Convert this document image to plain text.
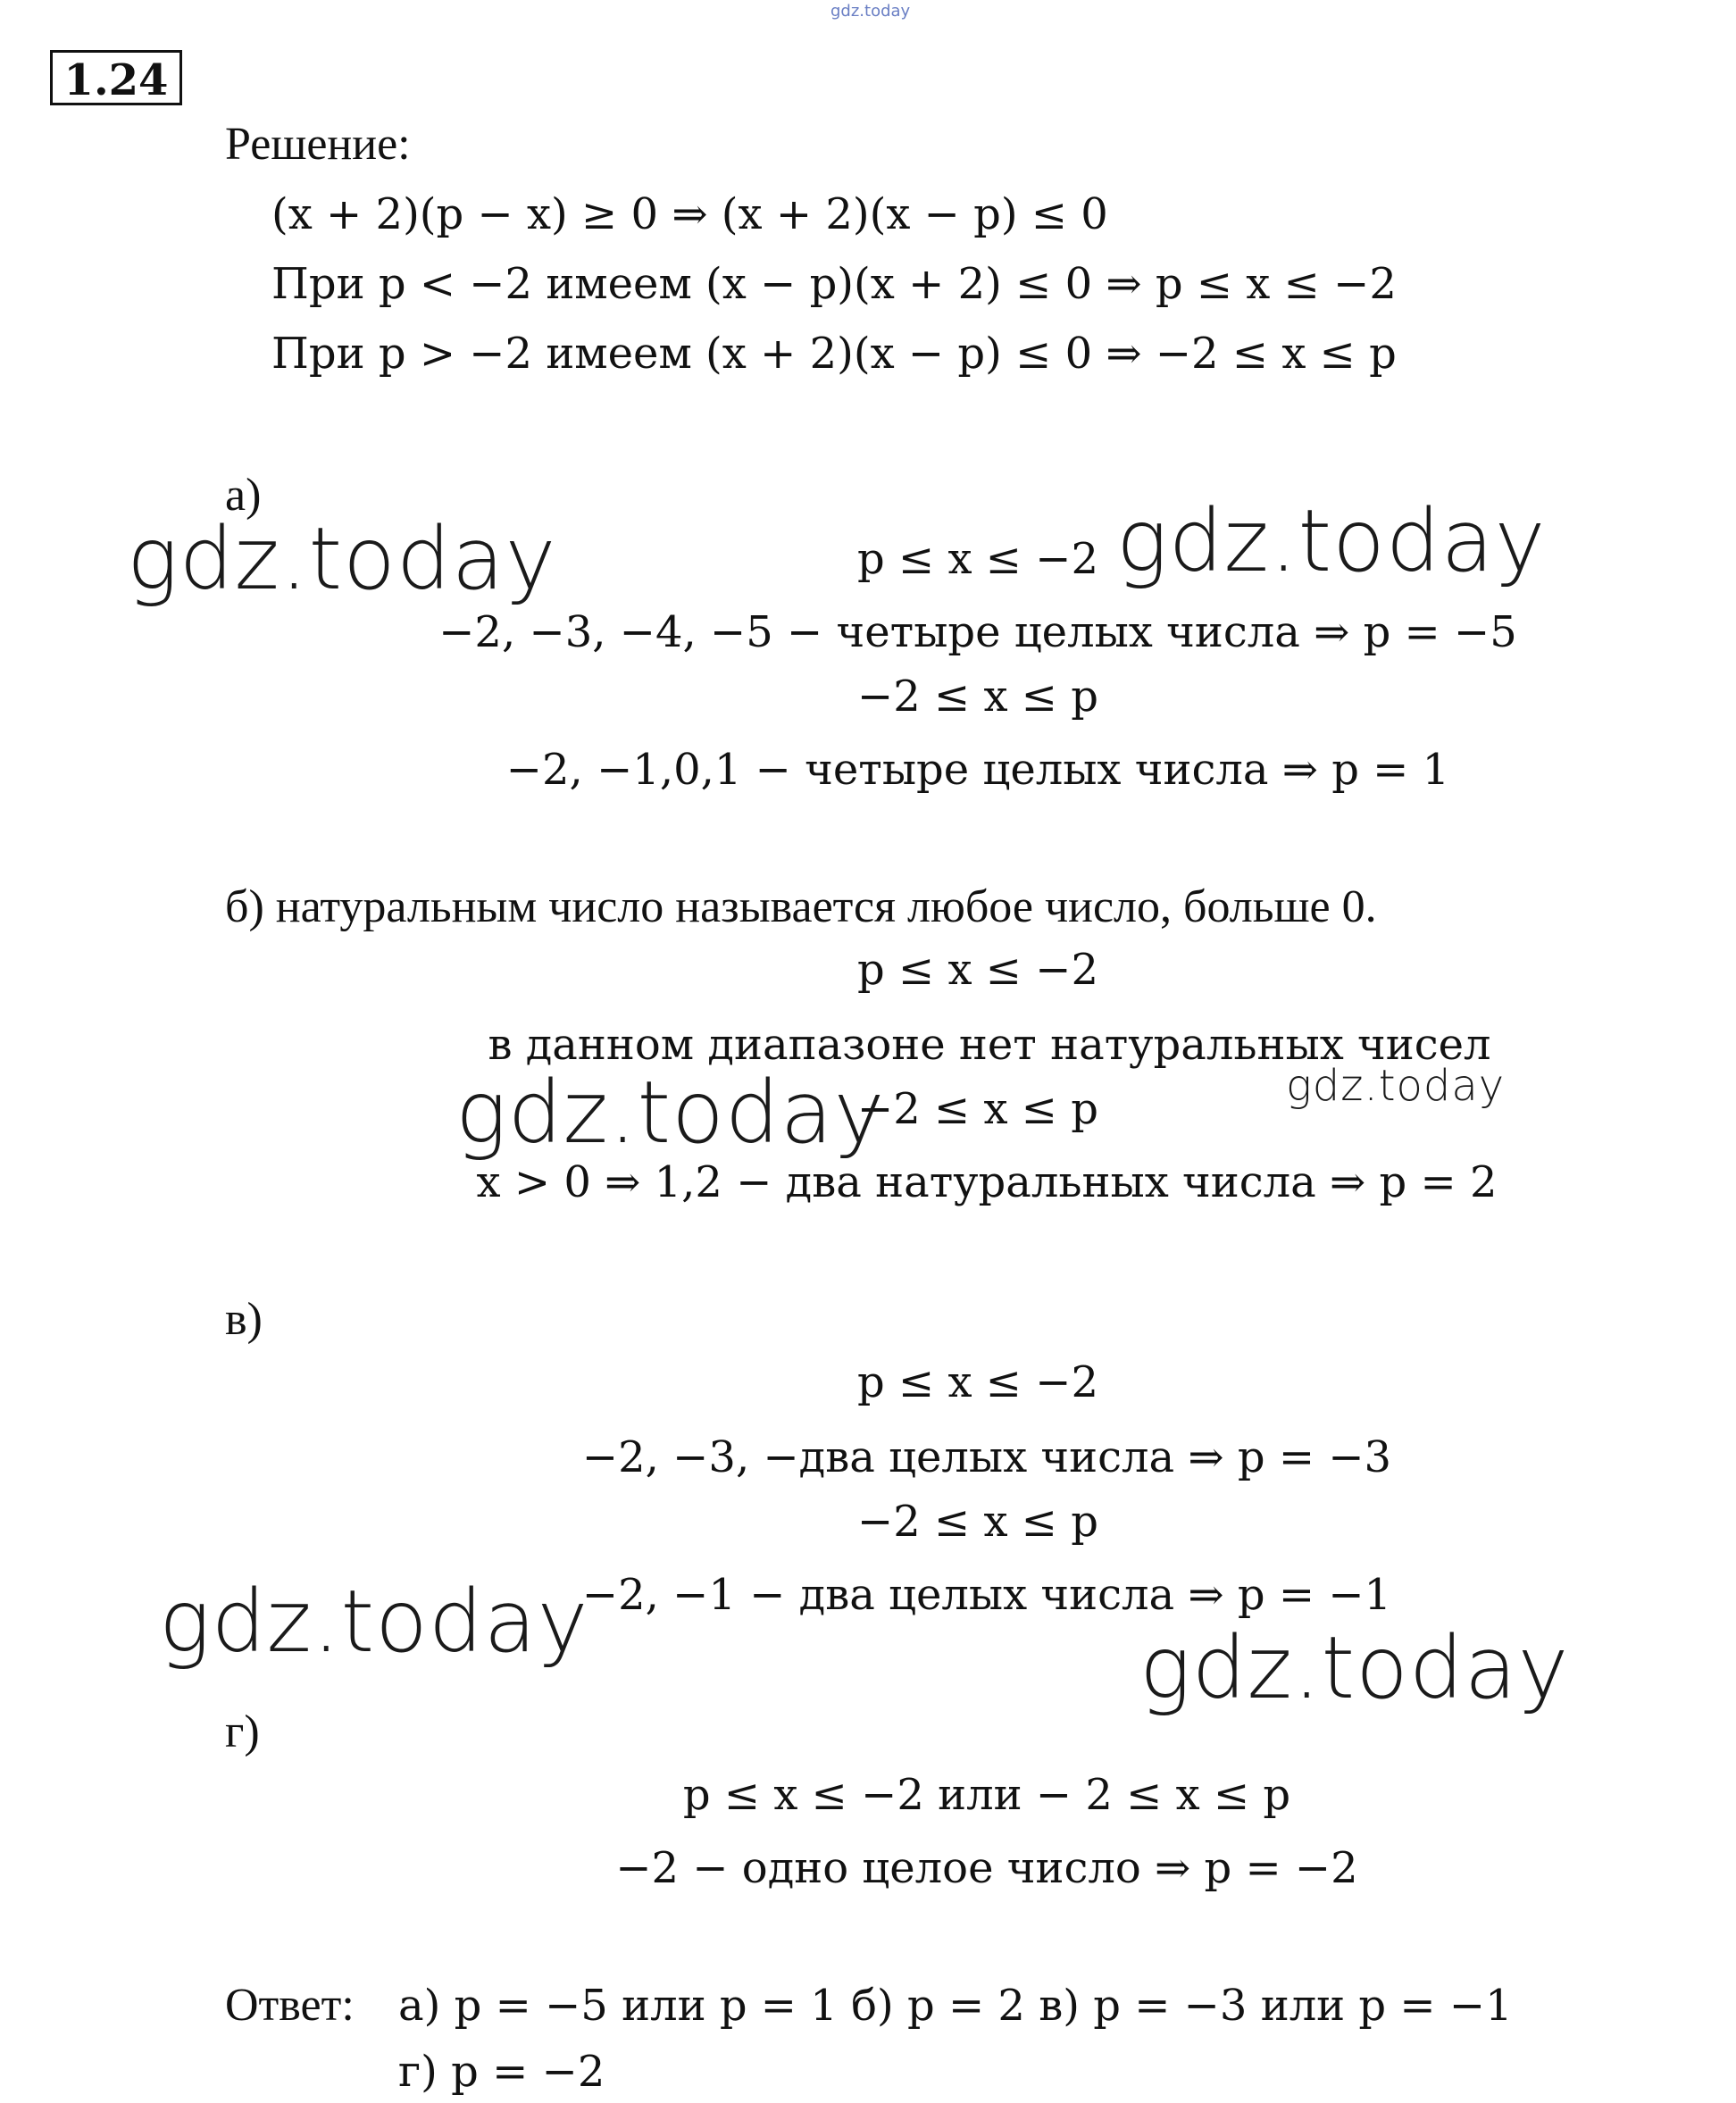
gdz.today
1.24
Решение:
(x + 2)(p − x) ≥ 0 ⇒ (x + 2)(x − p) ≤ 0
При p < −2 имеем (x − p)(x + 2) ≤ 0 ⇒ p ≤ x ≤ −2
При p > −2 имеем (x + 2)(x − p) ≤ 0 ⇒ −2 ≤ x ≤ p
а)
p ≤ x ≤ −2
−2, −3, −4, −5 − четыре целых числа ⇒ p = −5
−2 ≤ x ≤ p
−2, −1,0,1 − четыре целых числа ⇒ p = 1
б) натуральным число называется любое число, больше 0.
p ≤ x ≤ −2
в данном диапазоне нет натуральных чисел
−2 ≤ x ≤ p
x > 0 ⇒ 1,2 − два натуральных числа ⇒ p = 2
в)
p ≤ x ≤ −2
−2, −3, −два целых числа ⇒ p = −3
−2 ≤ x ≤ p
−2, −1 − два целых числа ⇒ p = −1
г)
p ≤ x ≤ −2 или − 2 ≤ x ≤ p
−2 − одно целое число ⇒ p = −2
Ответ: а) p = −5 или p = 1 б) p = 2 в) p = −3 или p = −1
г) p = −2
gdz.today	gdz.today
gdz.today
gdz.today
gdz.today	gdz.today
